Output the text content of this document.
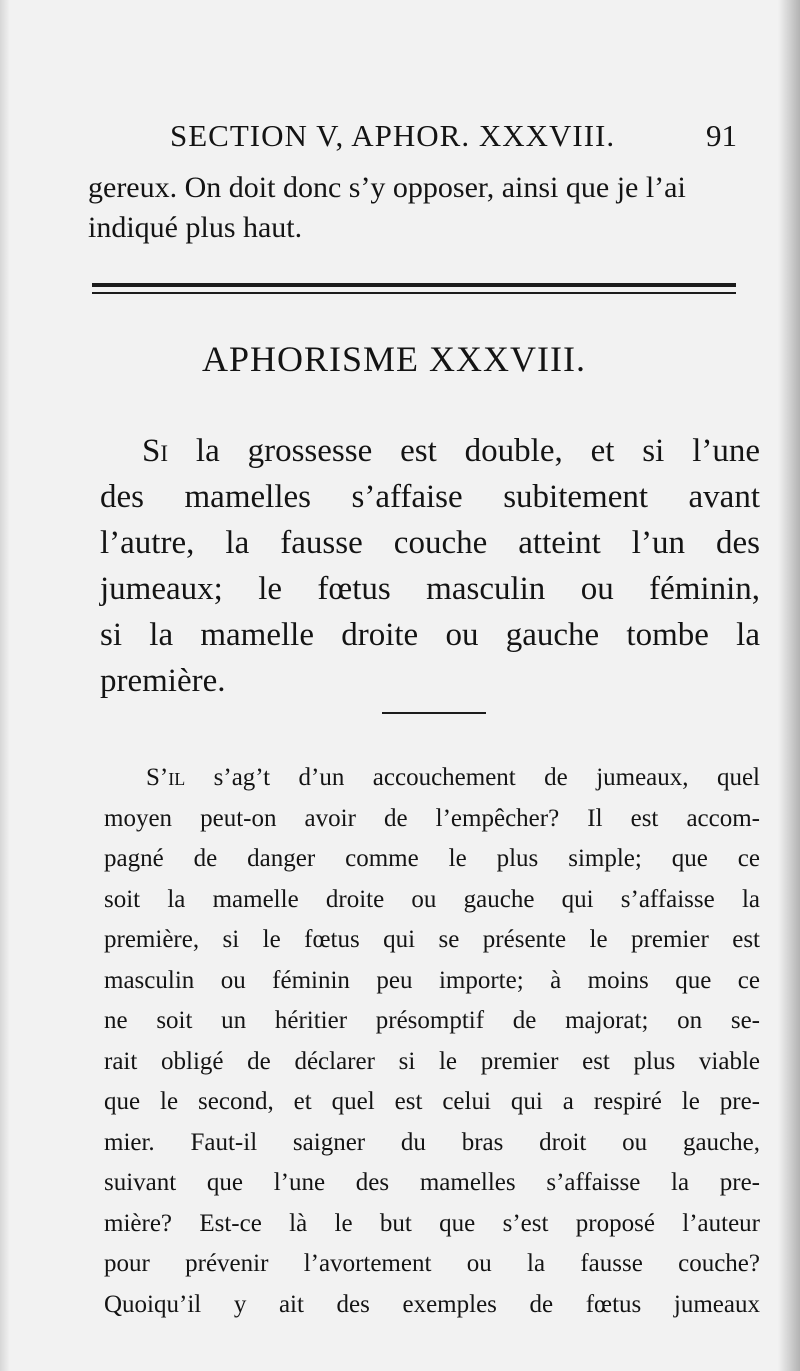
SECTION V, APHOR. XXXVIII.	91
gereux. On doit donc s’y opposer, ainsi que je l’ai
indiqué plus haut.
APHORISME XXXVIII.
Si la grossesse est double, et si l’une
des mamelles s’affaise subitement avant
l’autre, la fausse couche atteint l’un des
jumeaux; le fœtus masculin ou féminin,
si la mamelle droite ou gauche tombe la
première.
S’il s’ag’t d’un accouchement de jumeaux, quel
moyen peut-on avoir de l’empêcher? Il est accom-
pagné de danger comme le plus simple; que ce
soit la mamelle droite ou gauche qui s’affaisse la
première, si le fœtus qui se présente le premier est
masculin ou féminin peu importe; à moins que ce
ne soit un héritier présomptif de majorat; on se-
rait obligé de déclarer si le premier est plus viable
que le second, et quel est celui qui a respiré le pre-
mier. Faut-il saigner du bras droit ou gauche,
suivant que l’une des mamelles s’affaisse la pre-
mière? Est-ce là le but que s’est proposé l’auteur
pour prévenir l’avortement ou la fausse couche?
Quoiqu’il y ait des exemples de fœtus jumeaux
